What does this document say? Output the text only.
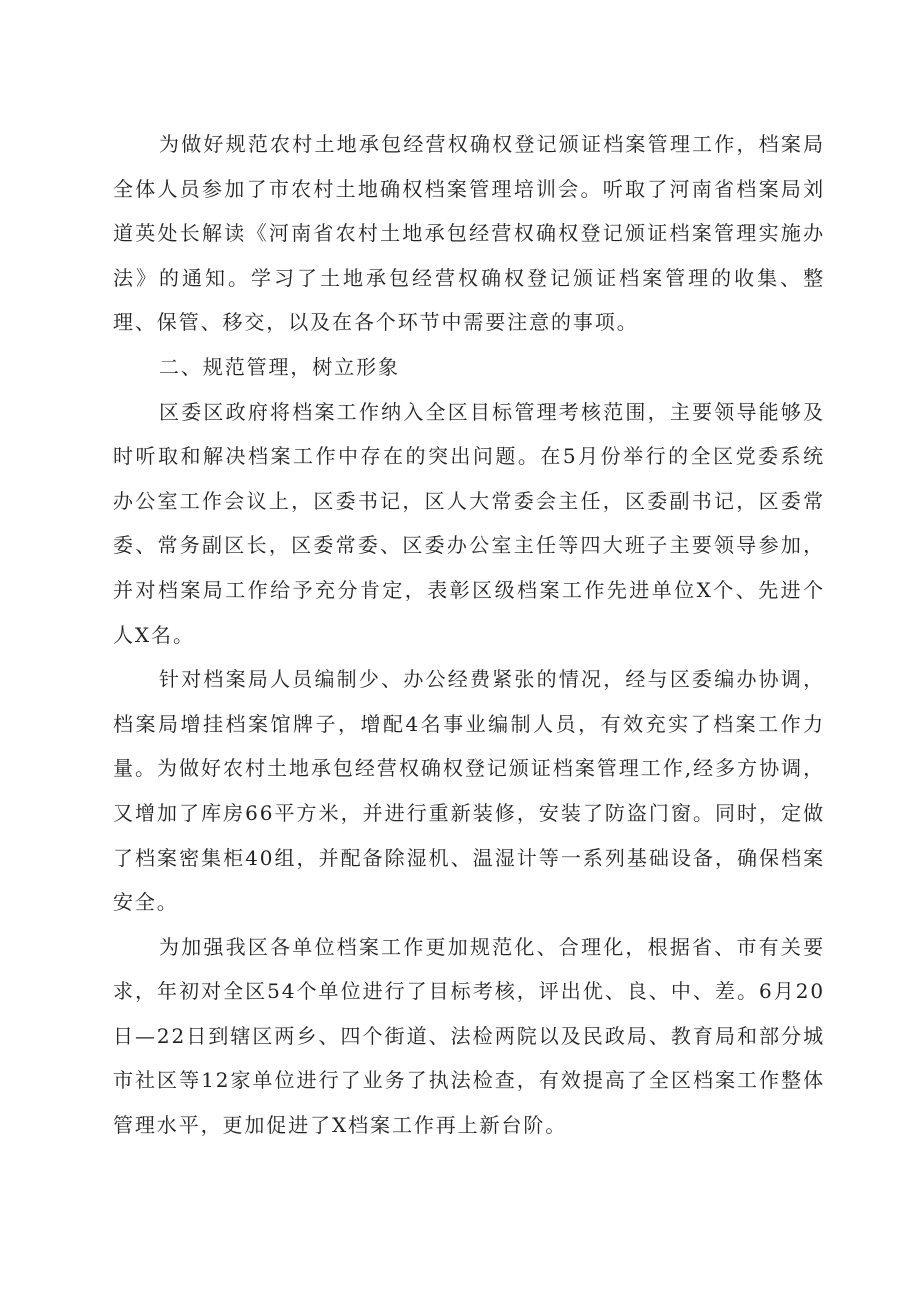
为做好规范农村土地承包经营权确权登记颁证档案管理工作，档案局全体人员参加了市农村土地确权档案管理培训会。听取了河南省档案局刘道英处长解读《河南省农村土地承包经营权确权登记颁证档案管理实施办法》的通知。学习了土地承包经营权确权登记颁证档案管理的收集、整理、保管、移交，以及在各个环节中需要注意的事项。

二、规范管理，树立形象

区委区政府将档案工作纳入全区目标管理考核范围，主要领导能够及时听取和解决档案工作中存在的突出问题。在5月份举行的全区党委系统办公室工作会议上，区委书记，区人大常委会主任，区委副书记，区委常委、常务副区长，区委常委、区委办公室主任等四大班子主要领导参加，并对档案局工作给予充分肯定，表彰区级档案工作先进单位X个、先进个人X名。

针对档案局人员编制少、办公经费紧张的情况，经与区委编办协调，档案局增挂档案馆牌子，增配4名事业编制人员，有效充实了档案工作力量。为做好农村土地承包经营权确权登记颁证档案管理工作,经多方协调，又增加了库房66平方米，并进行重新装修，安装了防盗门窗。同时，定做了档案密集柜40组，并配备除湿机、温湿计等一系列基础设备，确保档案安全。

为加强我区各单位档案工作更加规范化、合理化，根据省、市有关要求，年初对全区54个单位进行了目标考核，评出优、良、中、差。6月20日—22日到辖区两乡、四个街道、法检两院以及民政局、教育局和部分城市社区等12家单位进行了业务了执法检查，有效提高了全区档案工作整体管理水平，更加促进了X档案工作再上新台阶。
